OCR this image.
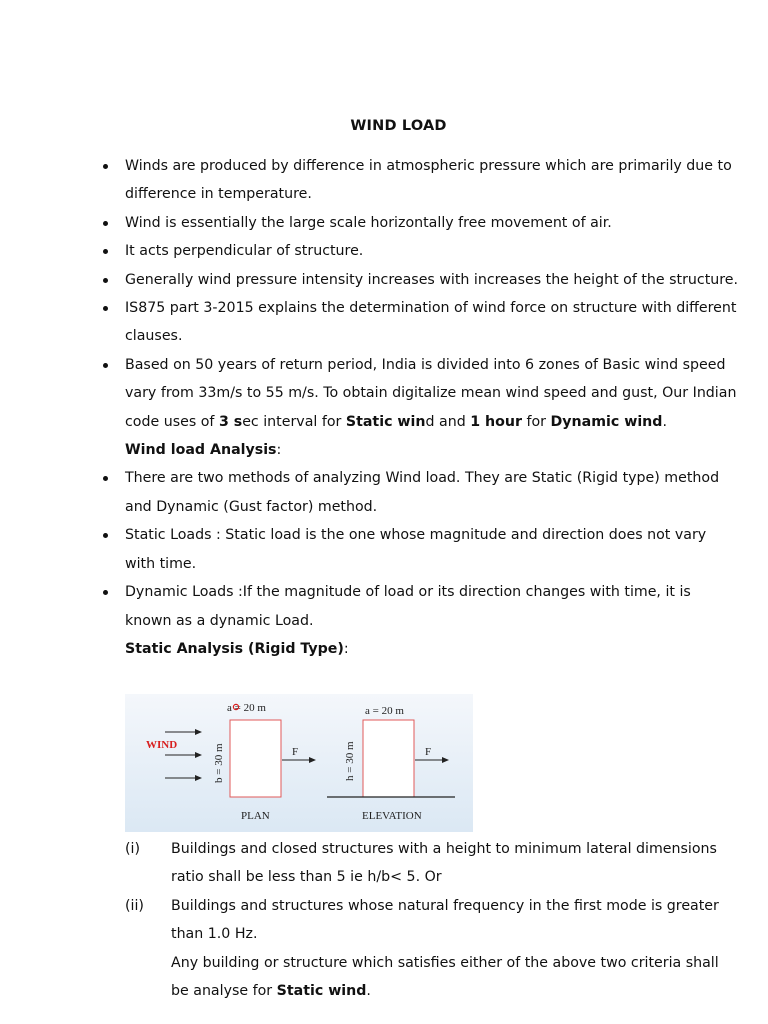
WIND LOAD
Winds are produced by difference in atmospheric pressure which are primarily due to difference in temperature.
Wind is essentially the large scale horizontally free movement of air.
It acts perpendicular of structure.
Generally wind pressure intensity increases with increases the height of the structure.
IS875 part 3-2015 explains the determination of wind force on structure with different clauses.
Based on 50 years of return period, India is divided into 6 zones of Basic wind speed vary from 33m/s to 55 m/s. To obtain digitalize mean wind speed and gust, Our Indian code uses of 3 sec interval for Static wind and 1 hour for Dynamic wind.
Wind load Analysis:
There are two methods of analyzing Wind load. They are Static (Rigid type) method and Dynamic (Gust factor) method.
Static Loads : Static load is the one whose magnitude and direction does not vary with time.
Dynamic Loads :If the magnitude of load or its direction changes with time, it is known as a dynamic Load.
Static Analysis (Rigid Type):
WIND
a = 20 m
b = 30 m	F
PLAN
a = 20 m
h = 30 m	F
ELEVATION
(i) Buildings and closed structures with a height to minimum lateral dimensions ratio shall be less than 5 ie h/b< 5. Or
(ii) Buildings and structures whose natural frequency in the first mode is greater than 1.0 Hz.
Any building or structure which satisfies either of the above two criteria shall be analyse for Static wind.
